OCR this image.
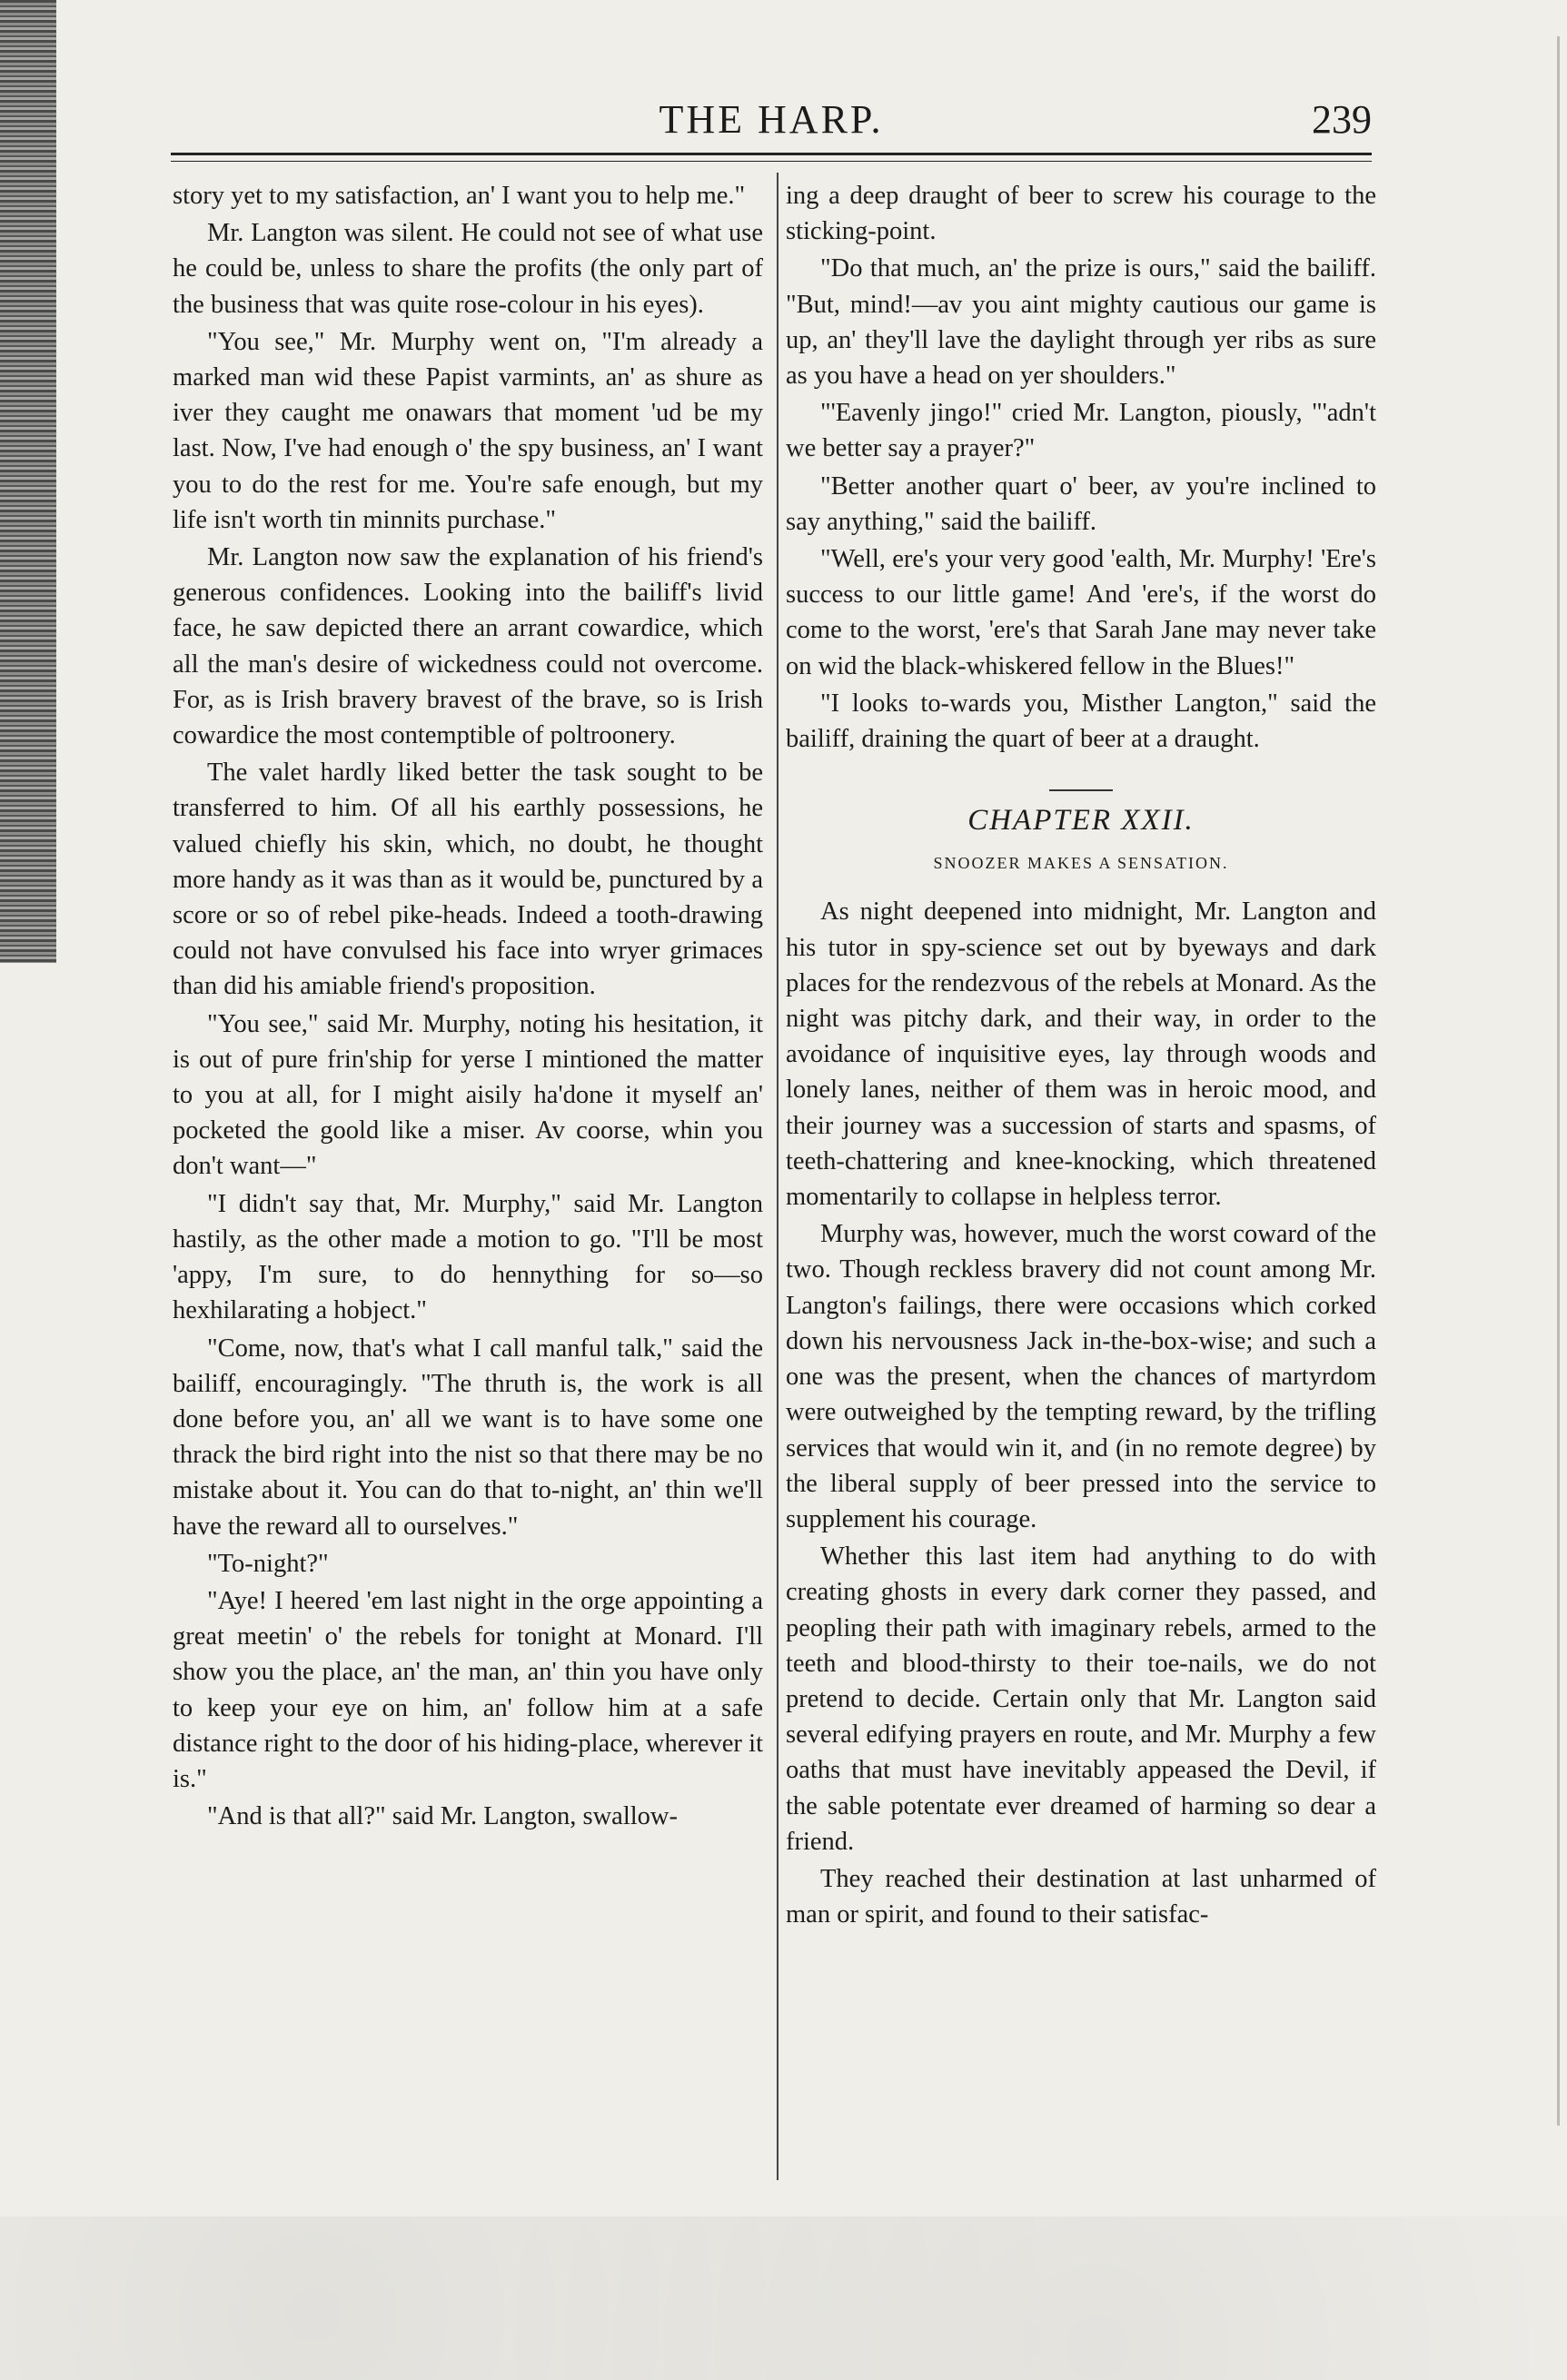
THE HARP.	239

story yet to my satisfaction, an' I want you to help me."

Mr. Langton was silent. He could not see of what use he could be, unless to share the profits (the only part of the business that was quite rose-colour in his eyes).

"You see," Mr. Murphy went on, "I'm already a marked man wid these Papist varmints, an' as shure as iver they caught me onawars that moment 'ud be my last. Now, I've had enough o' the spy business, an' I want you to do the rest for me. You're safe enough, but my life isn't worth tin minnits purchase."

Mr. Langton now saw the explanation of his friend's generous confidences. Looking into the bailiff's livid face, he saw depicted there an arrant cowardice, which all the man's desire of wickedness could not overcome. For, as is Irish bravery bravest of the brave, so is Irish cowardice the most contemptible of poltroonery.

The valet hardly liked better the task sought to be transferred to him. Of all his earthly possessions, he valued chiefly his skin, which, no doubt, he thought more handy as it was than as it would be, punctured by a score or so of rebel pike-heads. Indeed a tooth-drawing could not have convulsed his face into wryer grimaces than did his amiable friend's proposition.

"You see," said Mr. Murphy, noting his hesitation, it is out of pure frin'ship for yerse I mintioned the matter to you at all, for I might aisily ha'done it myself an' pocketed the goold like a miser. Av coorse, whin you don't want—"

"I didn't say that, Mr. Murphy," said Mr. Langton hastily, as the other made a motion to go. "I'll be most 'appy, I'm sure, to do hennything for so—so hexhilarating a hobject."

"Come, now, that's what I call manful talk," said the bailiff, encouragingly. "The thruth is, the work is all done before you, an' all we want is to have some one thrack the bird right into the nist so that there may be no mistake about it. You can do that to-night, an' thin we'll have the reward all to ourselves."

"To-night?"

"Aye! I heered 'em last night in the orge appointing a great meetin' o' the rebels for tonight at Monard. I'll show you the place, an' the man, an' thin you have only to keep your eye on him, an' follow him at a safe distance right to the door of his hiding-place, wherever it is."

"And is that all?" said Mr. Langton, swallow-

ing a deep draught of beer to screw his courage to the sticking-point.

"Do that much, an' the prize is ours," said the bailiff. "But, mind!—av you aint mighty cautious our game is up, an' they'll lave the daylight through yer ribs as sure as you have a head on yer shoulders."

"'Eavenly jingo!" cried Mr. Langton, piously, "'adn't we better say a prayer?"

"Better another quart o' beer, av you're inclined to say anything," said the bailiff.

"Well, ere's your very good 'ealth, Mr. Murphy! 'Ere's success to our little game! And 'ere's, if the worst do come to the worst, 'ere's that Sarah Jane may never take on wid the black-whiskered fellow in the Blues!"

"I looks to-wards you, Misther Langton," said the bailiff, draining the quart of beer at a draught.

CHAPTER XXII.
SNOOZER MAKES A SENSATION.

As night deepened into midnight, Mr. Langton and his tutor in spy-science set out by byeways and dark places for the rendezvous of the rebels at Monard. As the night was pitchy dark, and their way, in order to the avoidance of inquisitive eyes, lay through woods and lonely lanes, neither of them was in heroic mood, and their journey was a succession of starts and spasms, of teeth-chattering and knee-knocking, which threatened momentarily to collapse in helpless terror.

Murphy was, however, much the worst coward of the two. Though reckless bravery did not count among Mr. Langton's failings, there were occasions which corked down his nervousness Jack in-the-box-wise; and such a one was the present, when the chances of martyrdom were outweighed by the tempting reward, by the trifling services that would win it, and (in no remote degree) by the liberal supply of beer pressed into the service to supplement his courage.

Whether this last item had anything to do with creating ghosts in every dark corner they passed, and peopling their path with imaginary rebels, armed to the teeth and blood-thirsty to their toe-nails, we do not pretend to decide. Certain only that Mr. Langton said several edifying prayers en route, and Mr. Murphy a few oaths that must have inevitably appeased the Devil, if the sable potentate ever dreamed of harming so dear a friend.

They reached their destination at last unharmed of man or spirit, and found to their satisfac-
